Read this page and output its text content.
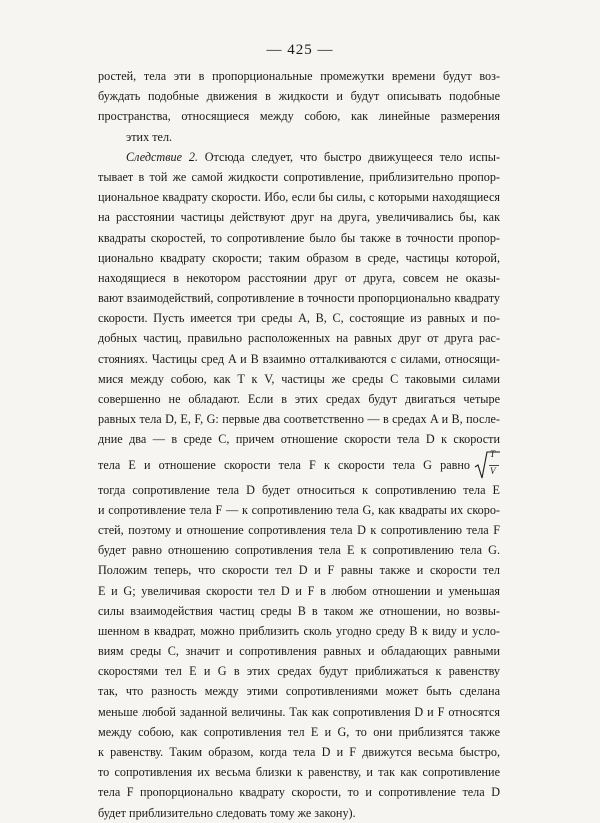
— 425 —
ростей, тела эти в пропорциональные промежутки времени будут воз-
буждать подобные движения в жидкости и будут описывать подобные
пространства, относящиеся между собою, как линейные размерения
этих тел.
Следствие 2. Отсюда следует, что быстро движущееся тело испы-
тывает в той же самой жидкости сопротивление, приблизительно пропор-
циональное квадрату скорости. Ибо, если бы силы, с которыми находящиеся
на расстоянии частицы действуют друг на друга, увеличивались бы, как
квадраты скоростей, то сопротивление было бы также в точности пропор-
ционально квадрату скорости; таким образом в среде, частицы которой,
находящиеся в некотором расстоянии друг от друга, совсем не оказы-
вают взаимодействий, сопротивление в точности пропорционально квадрату
скорости. Пусть имеется три среды A, B, C, состоящие из равных и по-
добных частиц, правильно расположенных на равных друг от друга рас-
стояниях. Частицы сред A и B взаимно отталкиваются с силами, относящи-
мися между собою, как T к V, частицы же среды C таковыми силами
совершенно не обладают. Если в этих средах будут двигаться четыре
равных тела D, E, F, G: первые два соответственно — в средах A и B, после-
дние два — в среде C, причем отношение скорости тела D к скорости
тела E и отношение скорости тела F к скорости тела G равно
T
V
тогда сопротивление тела D будет относиться к сопротивлению тела E
и сопротивление тела F — к сопротивлению тела G, как квадраты их скоро-
стей, поэтому и отношение сопротивления тела D к сопротивлению тела F
будет равно отношению сопротивления тела E к сопротивлению тела G.
Положим теперь, что скорости тел D и F равны также и скорости тел
E и G; увеличивая скорости тел D и F в любом отношении и уменьшая
силы взаимодействия частиц среды B в таком же отношении, но возвы-
шенном в квадрат, можно приблизить сколь угодно среду B к виду и усло-
виям среды C, значит и сопротивления равных и обладающих равными
скоростями тел E и G в этих средах будут приближаться к равенству
так, что разность между этими сопротивлениями может быть сделана
меньше любой заданной величины. Так как сопротивления D и F относятся
между собою, как сопротивления тел E и G, то они приблизятся также
к равенству. Таким образом, когда тела D и F движутся весьма быстро,
то сопротивления их весьма близки к равенству, и так как сопротивление
тела F пропорционально квадрату скорости, то и сопротивление тела D
будет приблизительно следовать тому же закону).
